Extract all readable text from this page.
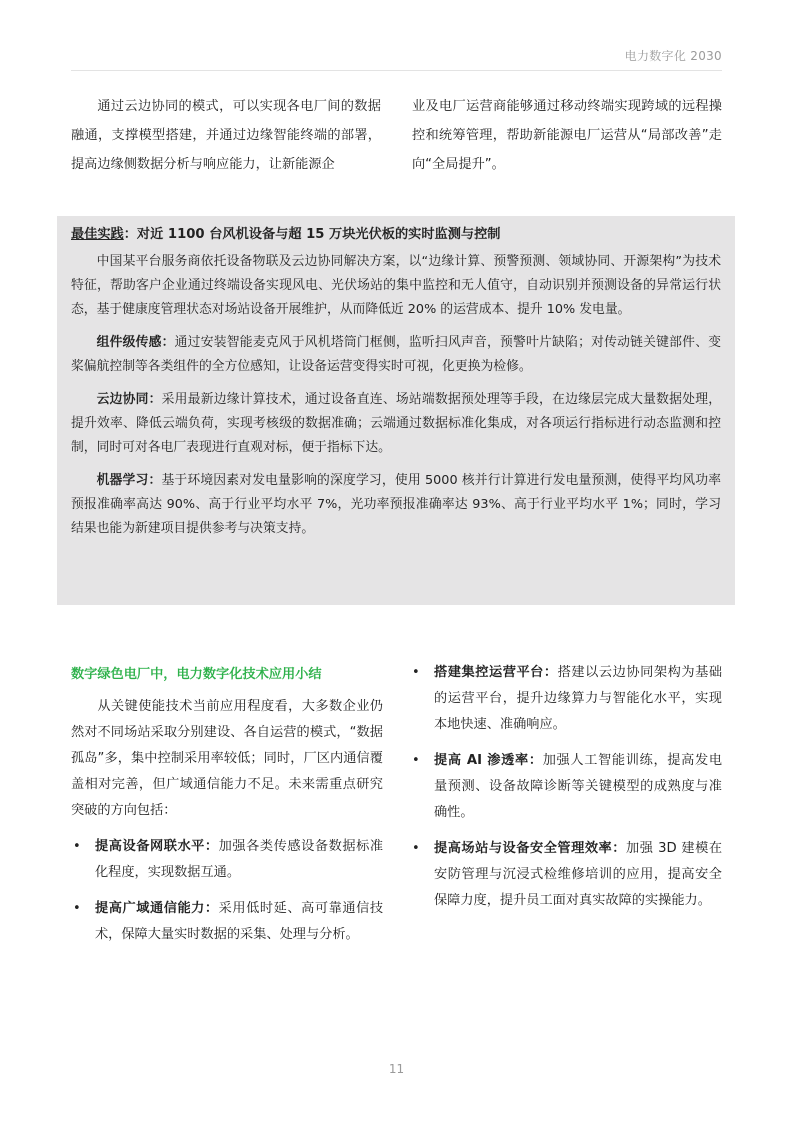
电力数字化 2030

通过云边协同的模式，可以实现各电厂间的数据融通，支撑模型搭建，并通过边缘智能终端的部署，提高边缘侧数据分析与响应能力，让新能源企

业及电厂运营商能够通过移动终端实现跨域的远程操控和统筹管理，帮助新能源电厂运营从“局部改善”走向“全局提升”。

最佳实践：对近 1100 台风机设备与超 15 万块光伏板的实时监测与控制

中国某平台服务商依托设备物联及云边协同解决方案，以“边缘计算、预警预测、领域协同、开源架构”为技术特征，帮助客户企业通过终端设备实现风电、光伏场站的集中监控和无人值守，自动识别并预测设备的异常运行状态，基于健康度管理状态对场站设备开展维护，从而降低近 20% 的运营成本、提升 10% 发电量。

组件级传感：通过安装智能麦克风于风机塔筒门框侧，监听扫风声音，预警叶片缺陷；对传动链关键部件、变桨偏航控制等各类组件的全方位感知，让设备运营变得实时可视，化更换为检修。

云边协同：采用最新边缘计算技术，通过设备直连、场站端数据预处理等手段，在边缘层完成大量数据处理，提升效率、降低云端负荷，实现考核级的数据准确；云端通过数据标准化集成，对各项运行指标进行动态监测和控制，同时可对各电厂表现进行直观对标，便于指标下达。

机器学习：基于环境因素对发电量影响的深度学习，使用 5000 核并行计算进行发电量预测，使得平均风功率预报准确率高达 90%、高于行业平均水平 7%，光功率预报准确率达 93%、高于行业平均水平 1%；同时，学习结果也能为新建项目提供参考与决策支持。

数字绿色电厂中，电力数字化技术应用小结

从关键使能技术当前应用程度看，大多数企业仍然对不同场站采取分别建设、各自运营的模式，“数据孤岛”多，集中控制采用率较低；同时，厂区内通信覆盖相对完善，但广域通信能力不足。未来需重点研究突破的方向包括：

• 提高设备网联水平：加强各类传感设备数据标准化程度，实现数据互通。
• 提高广域通信能力：采用低时延、高可靠通信技术，保障大量实时数据的采集、处理与分析。
• 搭建集控运营平台：搭建以云边协同架构为基础的运营平台，提升边缘算力与智能化水平，实现本地快速、准确响应。
• 提高 AI 渗透率：加强人工智能训练，提高发电量预测、设备故障诊断等关键模型的成熟度与准确性。
• 提高场站与设备安全管理效率：加强 3D 建模在安防管理与沉浸式检维修培训的应用，提高安全保障力度，提升员工面对真实故障的实操能力。
11
